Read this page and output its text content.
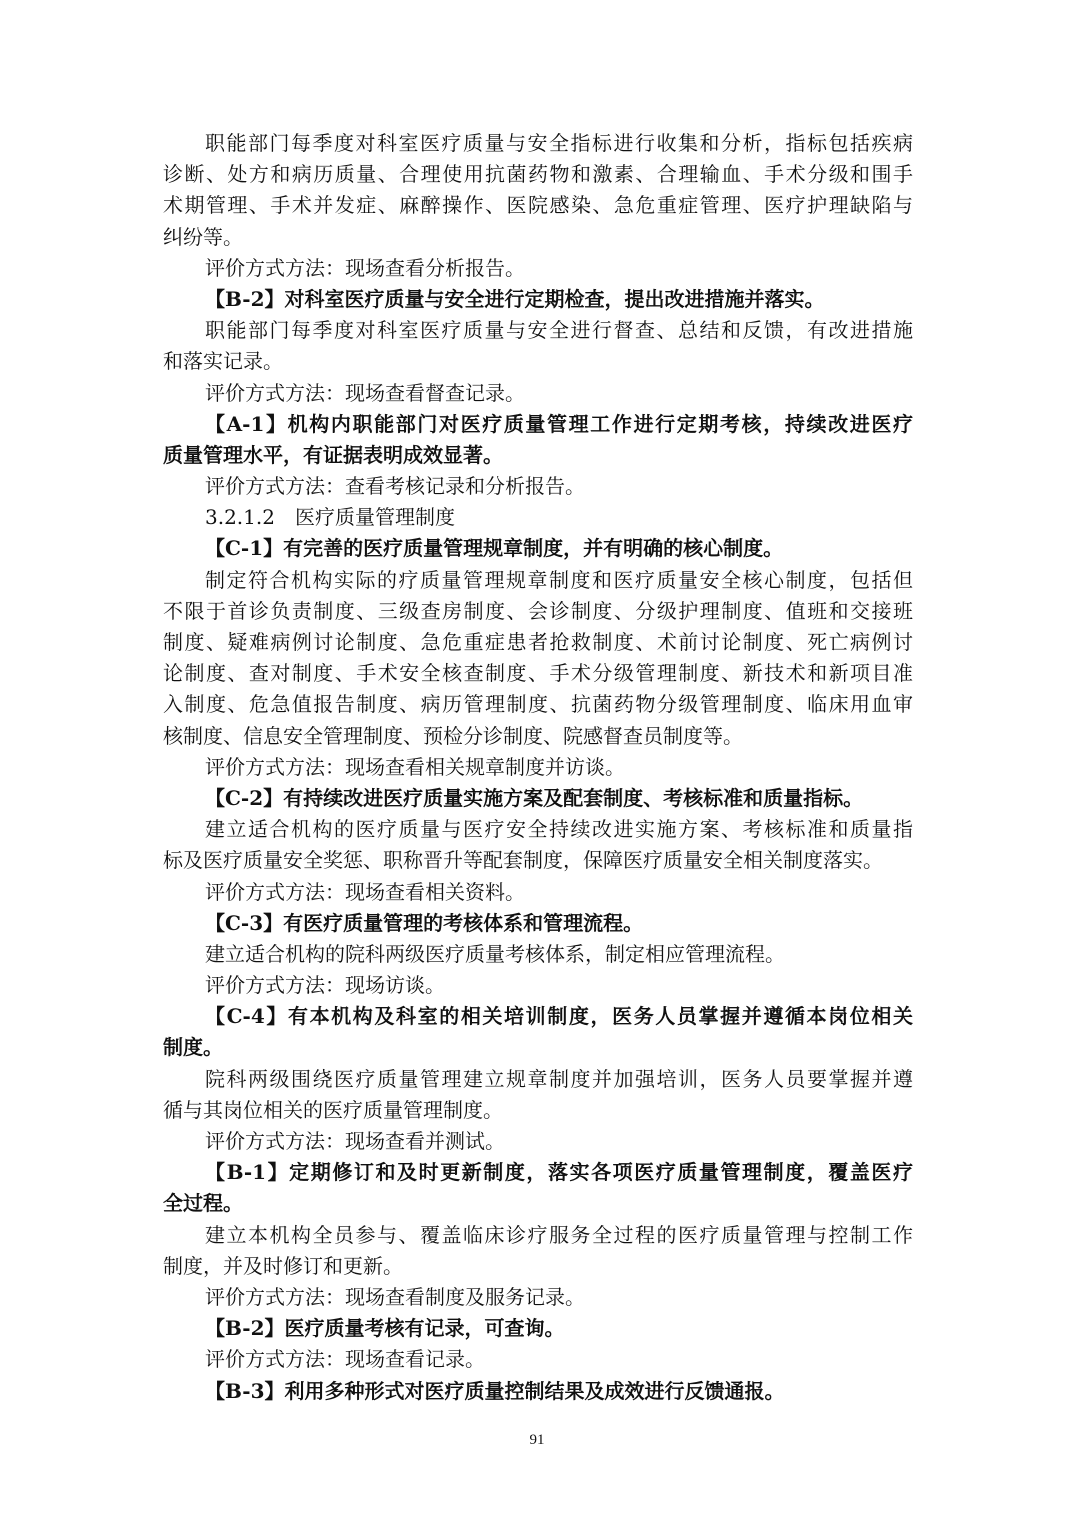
职能部门每季度对科室医疗质量与安全指标进行收集和分析，指标包括疾病
诊断、处方和病历质量、合理使用抗菌药物和激素、合理输血、手术分级和围手
术期管理、手术并发症、麻醉操作、医院感染、急危重症管理、医疗护理缺陷与
纠纷等。
评价方式方法：现场查看分析报告。
【B-2】对科室医疗质量与安全进行定期检查，提出改进措施并落实。
职能部门每季度对科室医疗质量与安全进行督查、总结和反馈，有改进措施
和落实记录。
评价方式方法：现场查看督查记录。
【A-1】机构内职能部门对医疗质量管理工作进行定期考核，持续改进医疗
质量管理水平，有证据表明成效显著。
评价方式方法：查看考核记录和分析报告。
3.2.1.2　医疗质量管理制度
【C-1】有完善的医疗质量管理规章制度，并有明确的核心制度。
制定符合机构实际的疗质量管理规章制度和医疗质量安全核心制度，包括但
不限于首诊负责制度、三级查房制度、会诊制度、分级护理制度、值班和交接班
制度、疑难病例讨论制度、急危重症患者抢救制度、术前讨论制度、死亡病例讨
论制度、查对制度、手术安全核查制度、手术分级管理制度、新技术和新项目准
入制度、危急值报告制度、病历管理制度、抗菌药物分级管理制度、临床用血审
核制度、信息安全管理制度、预检分诊制度、院感督查员制度等。
评价方式方法：现场查看相关规章制度并访谈。
【C-2】有持续改进医疗质量实施方案及配套制度、考核标准和质量指标。
建立适合机构的医疗质量与医疗安全持续改进实施方案、考核标准和质量指
标及医疗质量安全奖惩、职称晋升等配套制度，保障医疗质量安全相关制度落实。
评价方式方法：现场查看相关资料。
【C-3】有医疗质量管理的考核体系和管理流程。
建立适合机构的院科两级医疗质量考核体系，制定相应管理流程。
评价方式方法：现场访谈。
【C-4】有本机构及科室的相关培训制度，医务人员掌握并遵循本岗位相关
制度。
院科两级围绕医疗质量管理建立规章制度并加强培训，医务人员要掌握并遵
循与其岗位相关的医疗质量管理制度。
评价方式方法：现场查看并测试。
【B-1】定期修订和及时更新制度，落实各项医疗质量管理制度，覆盖医疗
全过程。
建立本机构全员参与、覆盖临床诊疗服务全过程的医疗质量管理与控制工作
制度，并及时修订和更新。
评价方式方法：现场查看制度及服务记录。
【B-2】医疗质量考核有记录，可查询。
评价方式方法：现场查看记录。
【B-3】利用多种形式对医疗质量控制结果及成效进行反馈通报。
91
